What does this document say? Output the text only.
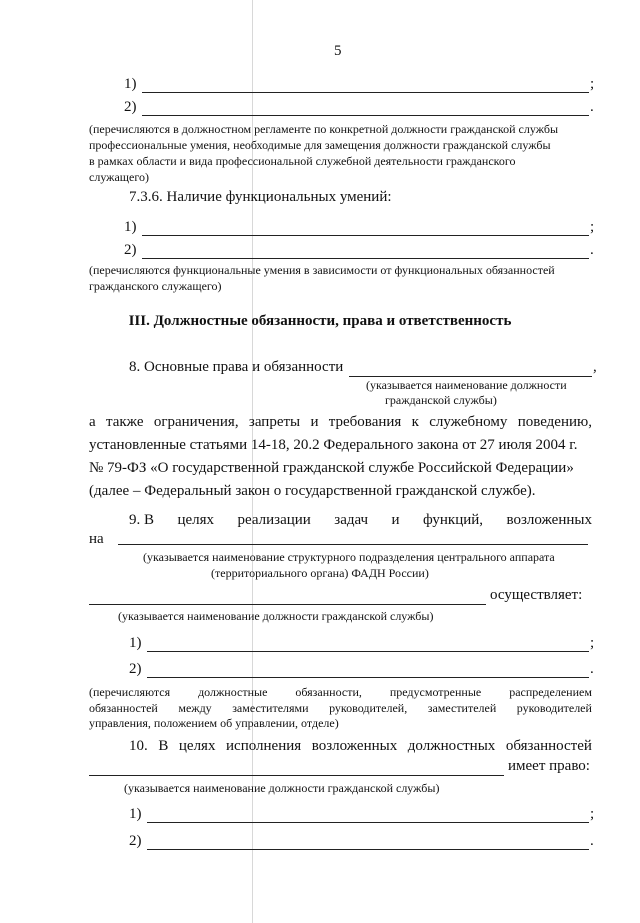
5
1)	;
2)	.
(перечисляются в должностном регламенте по конкретной должности гражданской службы
профессиональные умения, необходимые для замещения должности гражданской службы
в рамках области и вида профессиональной служебной деятельности гражданского
служащего)
7.3.6. Наличие функциональных умений:
1)	;
2)	.
(перечисляются функциональные умения в зависимости от функциональных обязанностей
гражданского служащего)
III. Должностные обязанности, права и ответственность
8. Основные права и обязанности	,
(указывается наименование должности
гражданской службы)
а также ограничения, запреты и требования к служебному поведению,
установленные статьями 14-18, 20.2 Федерального закона от 27 июля 2004 г.
№ 79-ФЗ «О государственной гражданской службе Российской Федерации»
(далее – Федеральный закон о государственной гражданской службе).
9. В целях реализации задач и функций, возложенных
на
(указывается наименование структурного подразделения центрального аппарата
(территориального органа) ФАДН России)
осуществляет:
(указывается наименование должности гражданской службы)
1)	;
2)	.
(перечисляются должностные обязанности, предусмотренные распределением
обязанностей между заместителями руководителей, заместителей руководителей
управления, положением об управлении, отделе)
10. В целях исполнения возложенных должностных обязанностей
имеет право:
(указывается наименование должности гражданской службы)
1)	;
2)	.
